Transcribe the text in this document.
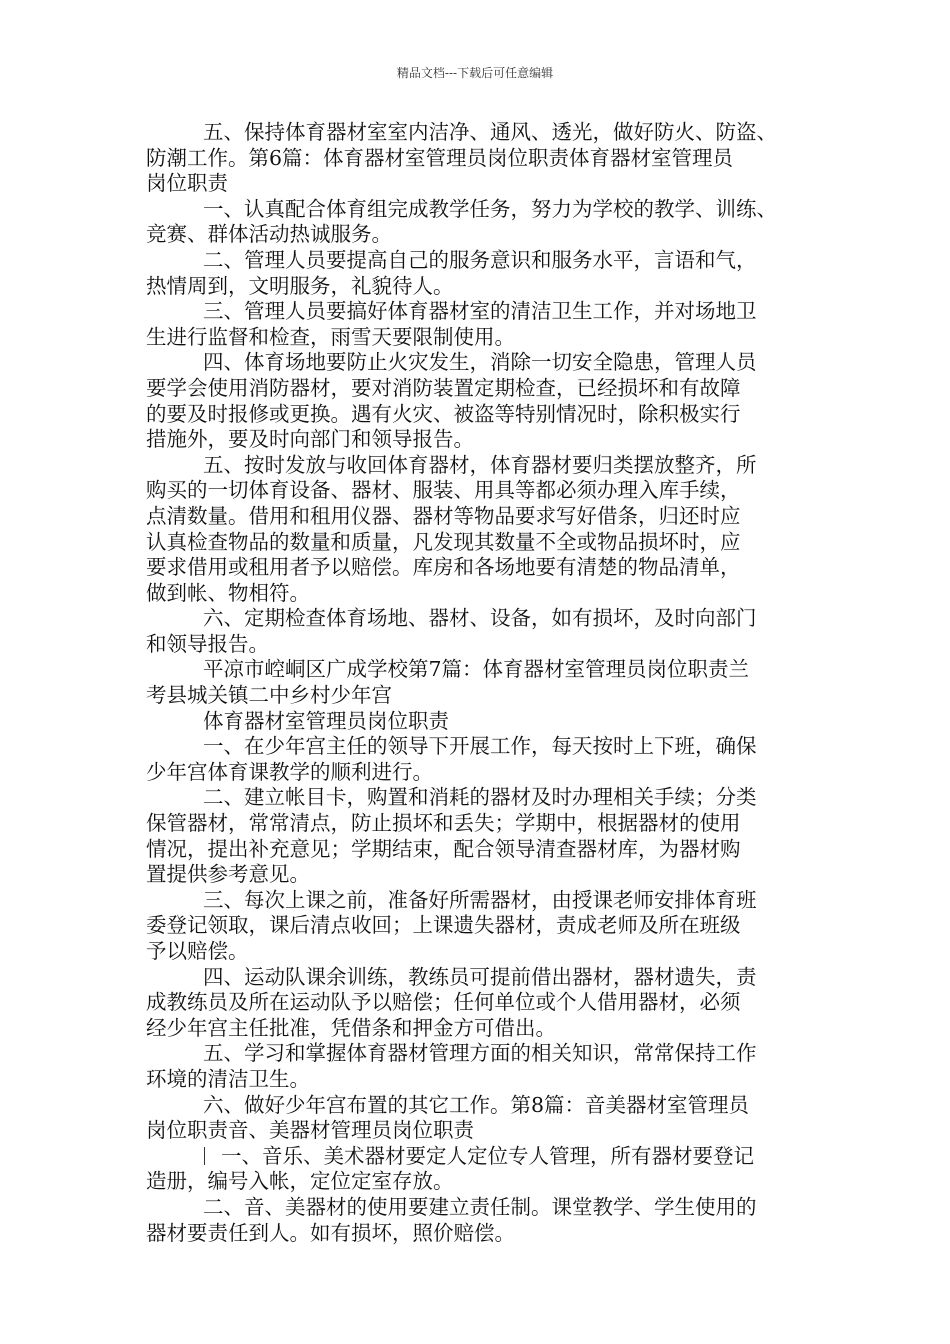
精品文档---下载后可任意编辑
五、保持体育器材室室内洁净、通风、透光，做好防火、防盗、
防潮工作。第6篇：体育器材室管理员岗位职责体育器材室管理员
岗位职责
一、认真配合体育组完成教学任务，努力为学校的教学、训练、
竞赛、群体活动热诚服务。
二、管理人员要提高自己的服务意识和服务水平，言语和气，
热情周到，文明服务，礼貌待人。
三、管理人员要搞好体育器材室的清洁卫生工作，并对场地卫
生进行监督和检查，雨雪天要限制使用。
四、体育场地要防止火灾发生，消除一切安全隐患，管理人员
要学会使用消防器材，要对消防装置定期检查，已经损坏和有故障
的要及时报修或更换。遇有火灾、被盗等特别情况时，除积极实行
措施外，要及时向部门和领导报告。
五、按时发放与收回体育器材，体育器材要归类摆放整齐，所
购买的一切体育设备、器材、服装、用具等都必须办理入库手续，
点清数量。借用和租用仪器、器材等物品要求写好借条，归还时应
认真检查物品的数量和质量，凡发现其数量不全或物品损坏时，应
要求借用或租用者予以赔偿。库房和各场地要有清楚的物品清单，
做到帐、物相符。
六、定期检查体育场地、器材、设备，如有损坏，及时向部门
和领导报告。
平凉市崆峒区广成学校第7篇：体育器材室管理员岗位职责兰
考县城关镇二中乡村少年宫
体育器材室管理员岗位职责
一、在少年宫主任的领导下开展工作，每天按时上下班，确保
少年宫体育课教学的顺利进行。
二、建立帐目卡，购置和消耗的器材及时办理相关手续；分类
保管器材，常常清点，防止损坏和丢失；学期中，根据器材的使用
情况，提出补充意见；学期结束，配合领导清查器材库，为器材购
置提供参考意见。
三、每次上课之前，准备好所需器材，由授课老师安排体育班
委登记领取，课后清点收回；上课遗失器材，责成老师及所在班级
予以赔偿。
四、运动队课余训练，教练员可提前借出器材，器材遗失，责
成教练员及所在运动队予以赔偿；任何单位或个人借用器材，必须
经少年宫主任批准，凭借条和押金方可借出。
五、学习和掌握体育器材管理方面的相关知识，常常保持工作
环境的清洁卫生。
六、做好少年宫布置的其它工作。第8篇：音美器材室管理员
岗位职责音、美器材管理员岗位职责
一、音乐、美术器材要定人定位专人管理，所有器材要登记
造册，编号入帐，定位定室存放。
二、音、美器材的使用要建立责任制。课堂教学、学生使用的
器材要责任到人。如有损坏，照价赔偿。
